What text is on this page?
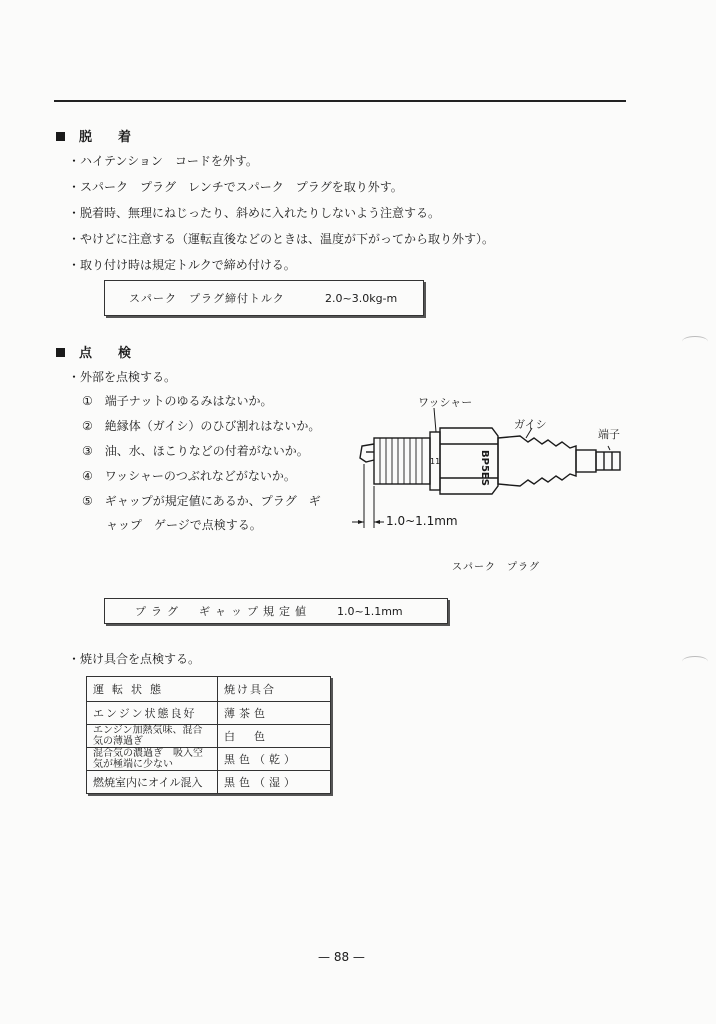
脱 着
・ハイテンション　コードを外す。
・スパーク　プラグ　レンチでスパーク　プラグを取り外す。
・脱着時、無理にねじったり、斜めに入れたりしないよう注意する。
・やけどに注意する（運転直後などのときは、温度が下がってから取り外す）。
・取り付け時は規定トルクで締め付ける。
スパーク　プラグ締付トルク	2.0~3.0kg-m
点 検
・外部を点検する。
①　端子ナットのゆるみはないか。
②　絶縁体（ガイシ）のひび割れはないか。
③　油、水、ほこりなどの付着がないか。
④　ワッシャーのつぶれなどがないか。
⑤　ギャップが規定値にあるか、プラグ　ギ
　　ャップ　ゲージで点検する。
BP5ES
11
ワッシャー
ガイシ
端子
1.0~1.1mm
スパーク　プラグ
プラグ　ギャップ規定値	1.0~1.1mm
・焼け具合を点検する。
運転状態	焼け具合
エンジン状態良好	薄茶色
エンジン加熱気味、混合気の薄過ぎ	白　色
混合気の濃過ぎ　吸入空気が極端に少ない	黒色（乾）
燃焼室内にオイル混入	黒色（湿）
— 88 —
